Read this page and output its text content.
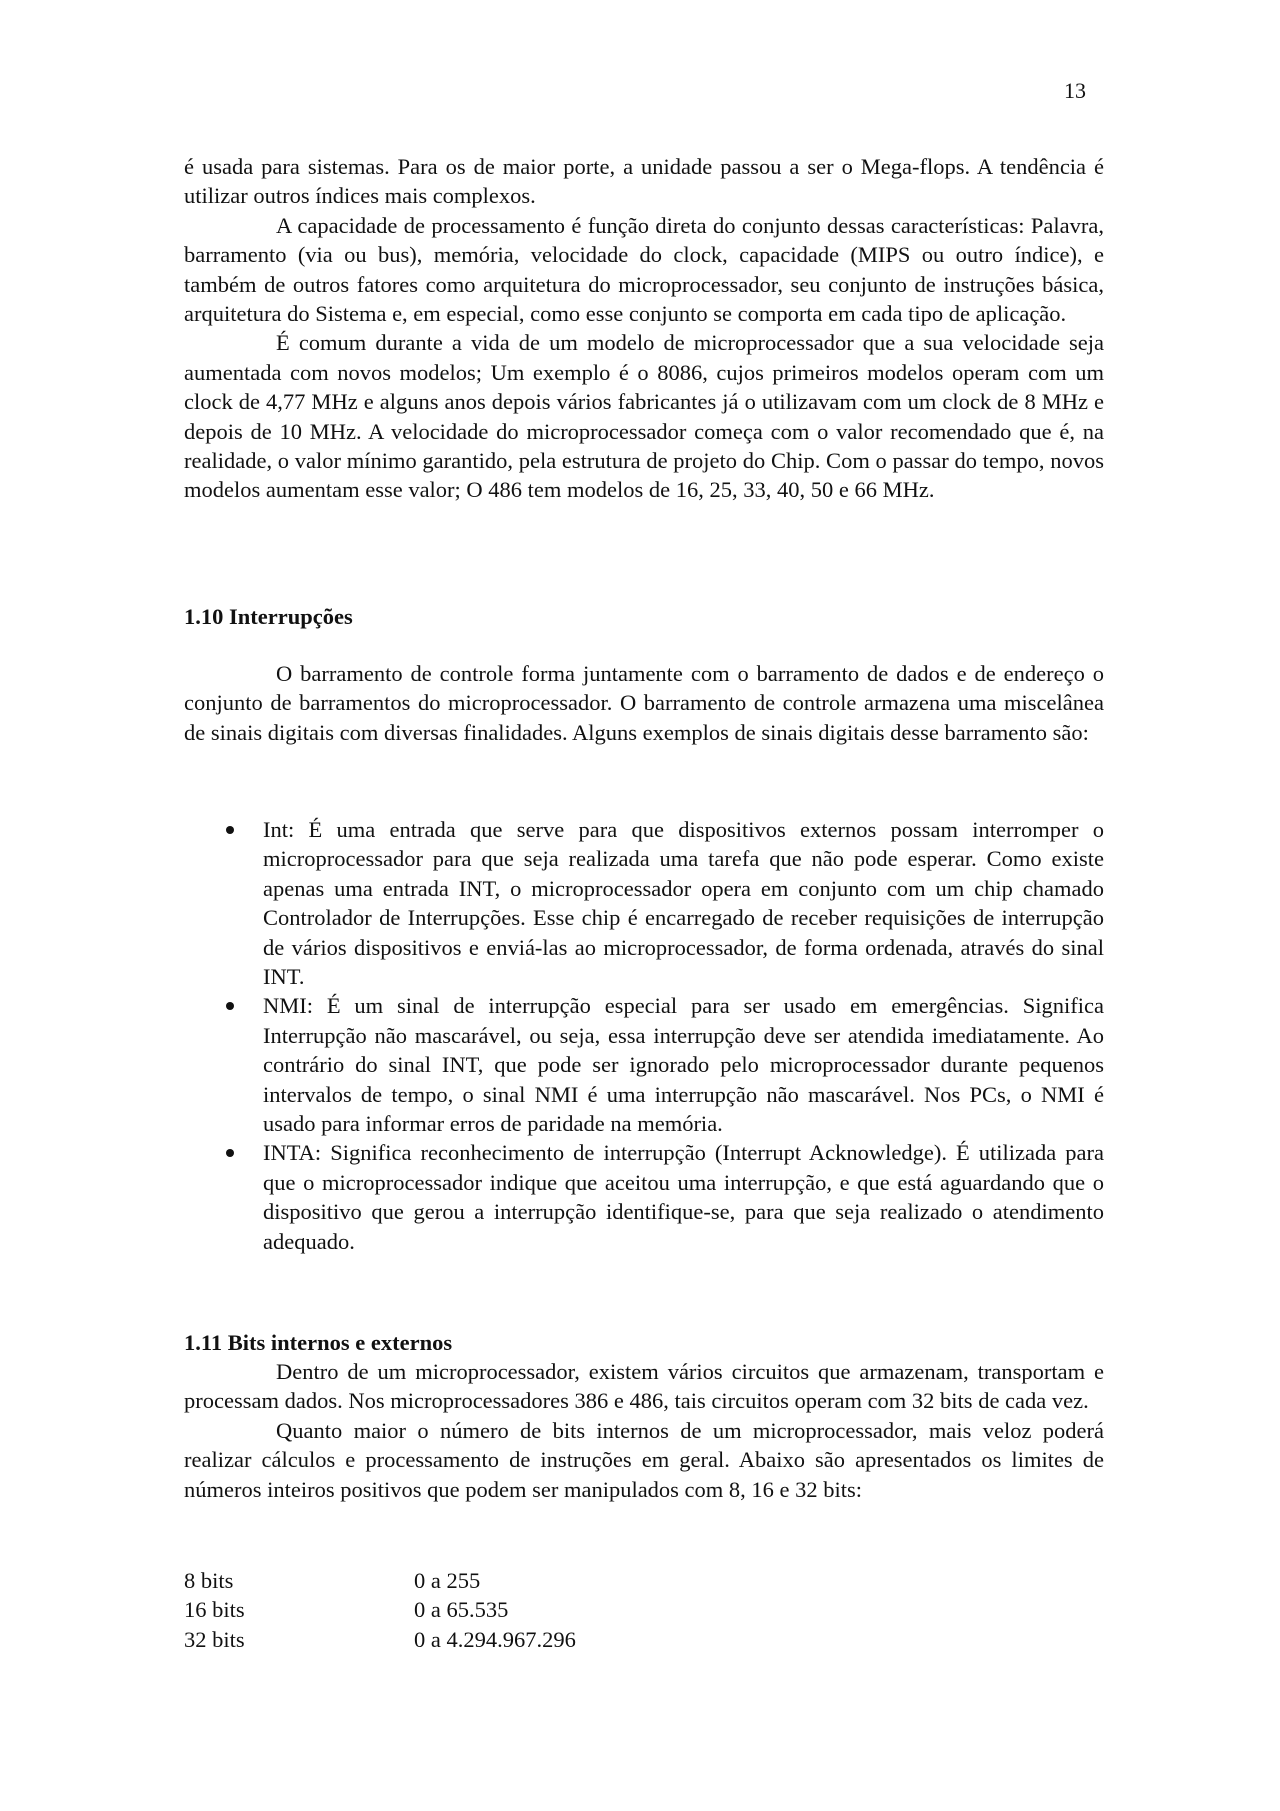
13

é usada para sistemas. Para os de maior porte, a unidade passou a ser o Mega-flops. A tendência é utilizar outros índices mais complexos.

A capacidade de processamento é função direta do conjunto dessas características: Palavra, barramento (via ou bus), memória, velocidade do clock, capacidade (MIPS ou outro índice), e também de outros fatores como arquitetura do microprocessador, seu conjunto de instruções básica, arquitetura do Sistema e, em especial, como esse conjunto se comporta em cada tipo de aplicação.

É comum durante a vida de um modelo de microprocessador que a sua velocidade seja aumentada com novos modelos; Um exemplo é o 8086, cujos primeiros modelos operam com um clock de 4,77 MHz e alguns anos depois vários fabricantes já o utilizavam com um clock de 8 MHz e depois de 10 MHz. A velocidade do microprocessador começa com o valor recomendado que é, na realidade, o valor mínimo garantido, pela estrutura de projeto do Chip. Com o passar do tempo, novos modelos aumentam esse valor; O 486 tem modelos de 16, 25, 33, 40, 50 e 66 MHz.

1.10 Interrupções

O barramento de controle forma juntamente com o barramento de dados e de endereço o conjunto de barramentos do microprocessador. O barramento de controle armazena uma miscelânea de sinais digitais com diversas finalidades. Alguns exemplos de sinais digitais desse barramento são:

Int: É uma entrada que serve para que dispositivos externos possam interromper o microprocessador para que seja realizada uma tarefa que não pode esperar. Como existe apenas uma entrada INT, o microprocessador opera em conjunto com um chip chamado Controlador de Interrupções. Esse chip é encarregado de receber requisições de interrupção de vários dispositivos e enviá-las ao microprocessador, de forma ordenada, através do sinal INT.
NMI: É um sinal de interrupção especial para ser usado em emergências. Significa Interrupção não mascarável, ou seja, essa interrupção deve ser atendida imediatamente. Ao contrário do sinal INT, que pode ser ignorado pelo microprocessador durante pequenos intervalos de tempo, o sinal NMI é uma interrupção não mascarável. Nos PCs, o NMI é usado para informar erros de paridade na memória.
INTA: Significa reconhecimento de interrupção (Interrupt Acknowledge). É utilizada para que o microprocessador indique que aceitou uma interrupção, e que está aguardando que o dispositivo que gerou a interrupção identifique-se, para que seja realizado o atendimento adequado.
1.11 Bits internos e externos

Dentro de um microprocessador, existem vários circuitos que armazenam, transportam e processam dados. Nos microprocessadores 386 e 486, tais circuitos operam com 32 bits de cada vez.

Quanto maior o número de bits internos de um microprocessador, mais veloz poderá realizar cálculos e processamento de instruções em geral. Abaixo são apresentados os limites de números inteiros positivos que podem ser manipulados com 8, 16 e 32 bits:

8 bits	0 a 255
16 bits	0 a 65.535
32 bits	0 a 4.294.967.296
